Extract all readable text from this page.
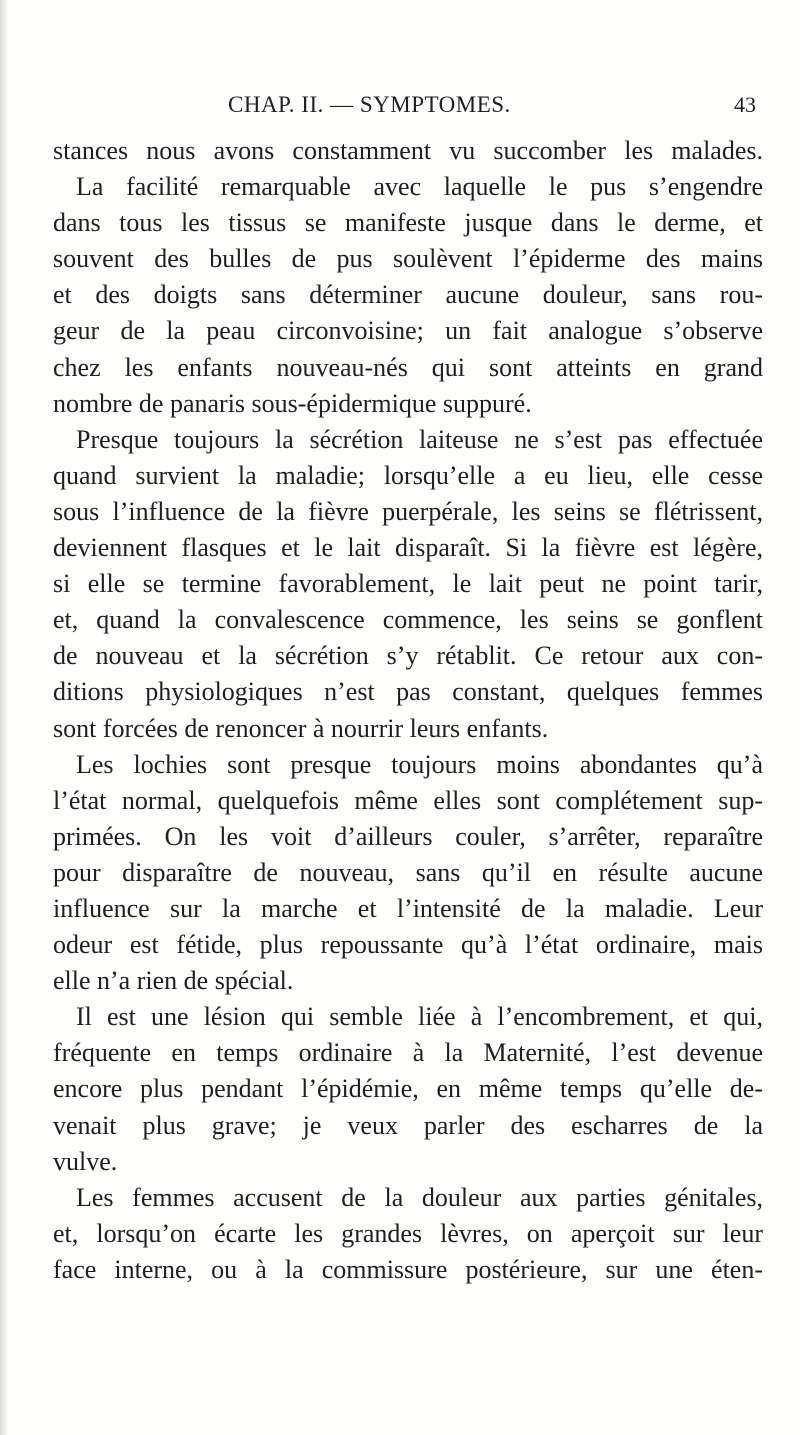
CHAP. II. — SYMPTOMES.	43
stances nous avons constamment vu succomber les malades.
La facilité remarquable avec laquelle le pus s’engendre
dans tous les tissus se manifeste jusque dans le derme, et
souvent des bulles de pus soulèvent l’épiderme des mains
et des doigts sans déterminer aucune douleur, sans rou-
geur de la peau circonvoisine; un fait analogue s’observe
chez les enfants nouveau-nés qui sont atteints en grand
nombre de panaris sous-épidermique suppuré.
Presque toujours la sécrétion laiteuse ne s’est pas effectuée
quand survient la maladie; lorsqu’elle a eu lieu, elle cesse
sous l’influence de la fièvre puerpérale, les seins se flétrissent,
deviennent flasques et le lait disparaît. Si la fièvre est légère,
si elle se termine favorablement, le lait peut ne point tarir,
et, quand la convalescence commence, les seins se gonflent
de nouveau et la sécrétion s’y rétablit. Ce retour aux con-
ditions physiologiques n’est pas constant, quelques femmes
sont forcées de renoncer à nourrir leurs enfants.
Les lochies sont presque toujours moins abondantes qu’à
l’état normal, quelquefois même elles sont complétement sup-
primées. On les voit d’ailleurs couler, s’arrêter, reparaître
pour disparaître de nouveau, sans qu’il en résulte aucune
influence sur la marche et l’intensité de la maladie. Leur
odeur est fétide, plus repoussante qu’à l’état ordinaire, mais
elle n’a rien de spécial.
Il est une lésion qui semble liée à l’encombrement, et qui,
fréquente en temps ordinaire à la Maternité, l’est devenue
encore plus pendant l’épidémie, en même temps qu’elle de-
venait plus grave; je veux parler des escharres de la
vulve.
Les femmes accusent de la douleur aux parties génitales,
et, lorsqu’on écarte les grandes lèvres, on aperçoit sur leur
face interne, ou à la commissure postérieure, sur une éten-
